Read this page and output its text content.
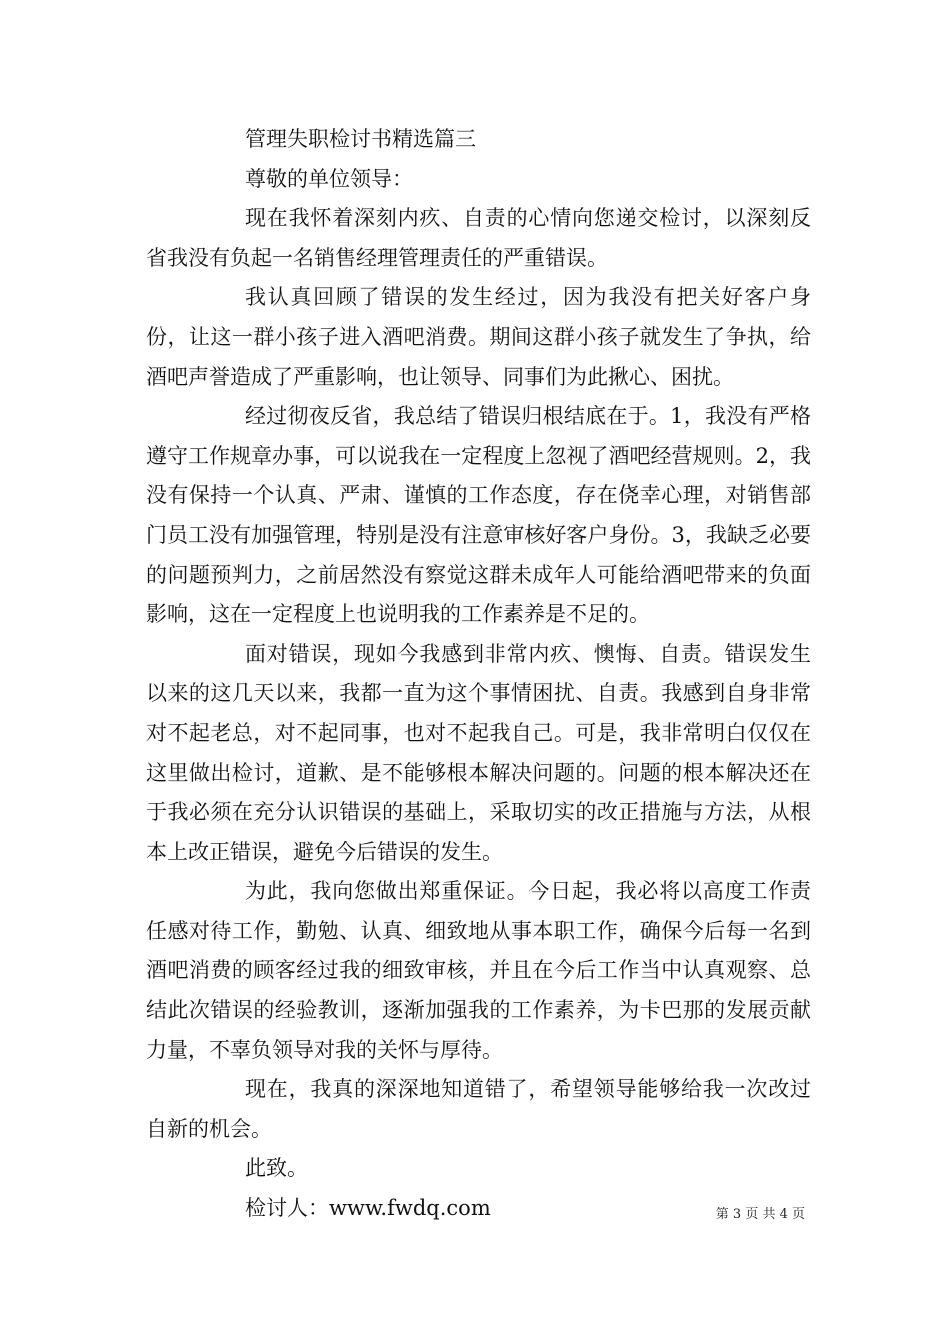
管理失职检讨书精选篇三
尊敬的单位领导：
现在我怀着深刻内疚、自责的心情向您递交检讨，以深刻反省我没有负起一名销售经理管理责任的严重错误。
我认真回顾了错误的发生经过，因为我没有把关好客户身份，让这一群小孩子进入酒吧消费。期间这群小孩子就发生了争执，给酒吧声誉造成了严重影响，也让领导、同事们为此揪心、困扰。
经过彻夜反省，我总结了错误归根结底在于。1，我没有严格遵守工作规章办事，可以说我在一定程度上忽视了酒吧经营规则。2，我没有保持一个认真、严肃、谨慎的工作态度，存在侥幸心理，对销售部门员工没有加强管理，特别是没有注意审核好客户身份。3，我缺乏必要的问题预判力，之前居然没有察觉这群未成年人可能给酒吧带来的负面影响，这在一定程度上也说明我的工作素养是不足的。
面对错误，现如今我感到非常内疚、懊悔、自责。错误发生以来的这几天以来，我都一直为这个事情困扰、自责。我感到自身非常对不起老总，对不起同事，也对不起我自己。可是，我非常明白仅仅在这里做出检讨，道歉、是不能够根本解决问题的。问题的根本解决还在于我必须在充分认识错误的基础上，采取切实的改正措施与方法，从根本上改正错误，避免今后错误的发生。
为此，我向您做出郑重保证。今日起，我必将以高度工作责任感对待工作，勤勉、认真、细致地从事本职工作，确保今后每一名到酒吧消费的顾客经过我的细致审核，并且在今后工作当中认真观察、总结此次错误的经验教训，逐渐加强我的工作素养，为卡巴那的发展贡献力量，不辜负领导对我的关怀与厚待。
现在，我真的深深地知道错了，希望领导能够给我一次改过自新的机会。
此致。
检讨人：www.fwdq.com	第 3 页 共 4 页
